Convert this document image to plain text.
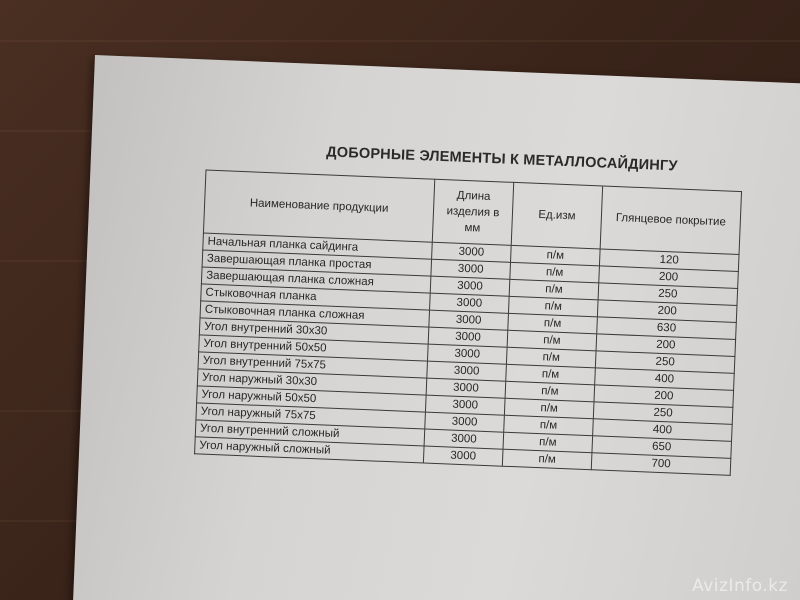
ДОБОРНЫЕ ЭЛЕМЕНТЫ К МЕТАЛЛОСАЙДИНГУ
Наименование продукции	Длина изделия в мм	Ед.изм	Глянцевое покрытие
Начальная планка сайдинга	3000	п/м	120
Завершающая планка простая	3000	п/м	200
Завершающая планка сложная	3000	п/м	250
Стыковочная планка	3000	п/м	200
Стыковочная планка сложная	3000	п/м	630
Угол внутренний 30х30	3000	п/м	200
Угол внутренний 50х50	3000	п/м	250
Угол внутренний 75х75	3000	п/м	400
Угол наружный 30х30	3000	п/м	200
Угол наружный 50х50	3000	п/м	250
Угол наружный 75х75	3000	п/м	400
Угол внутренний сложный	3000	п/м	650
Угол наружный сложный	3000	п/м	700
AvizInfo.kz
